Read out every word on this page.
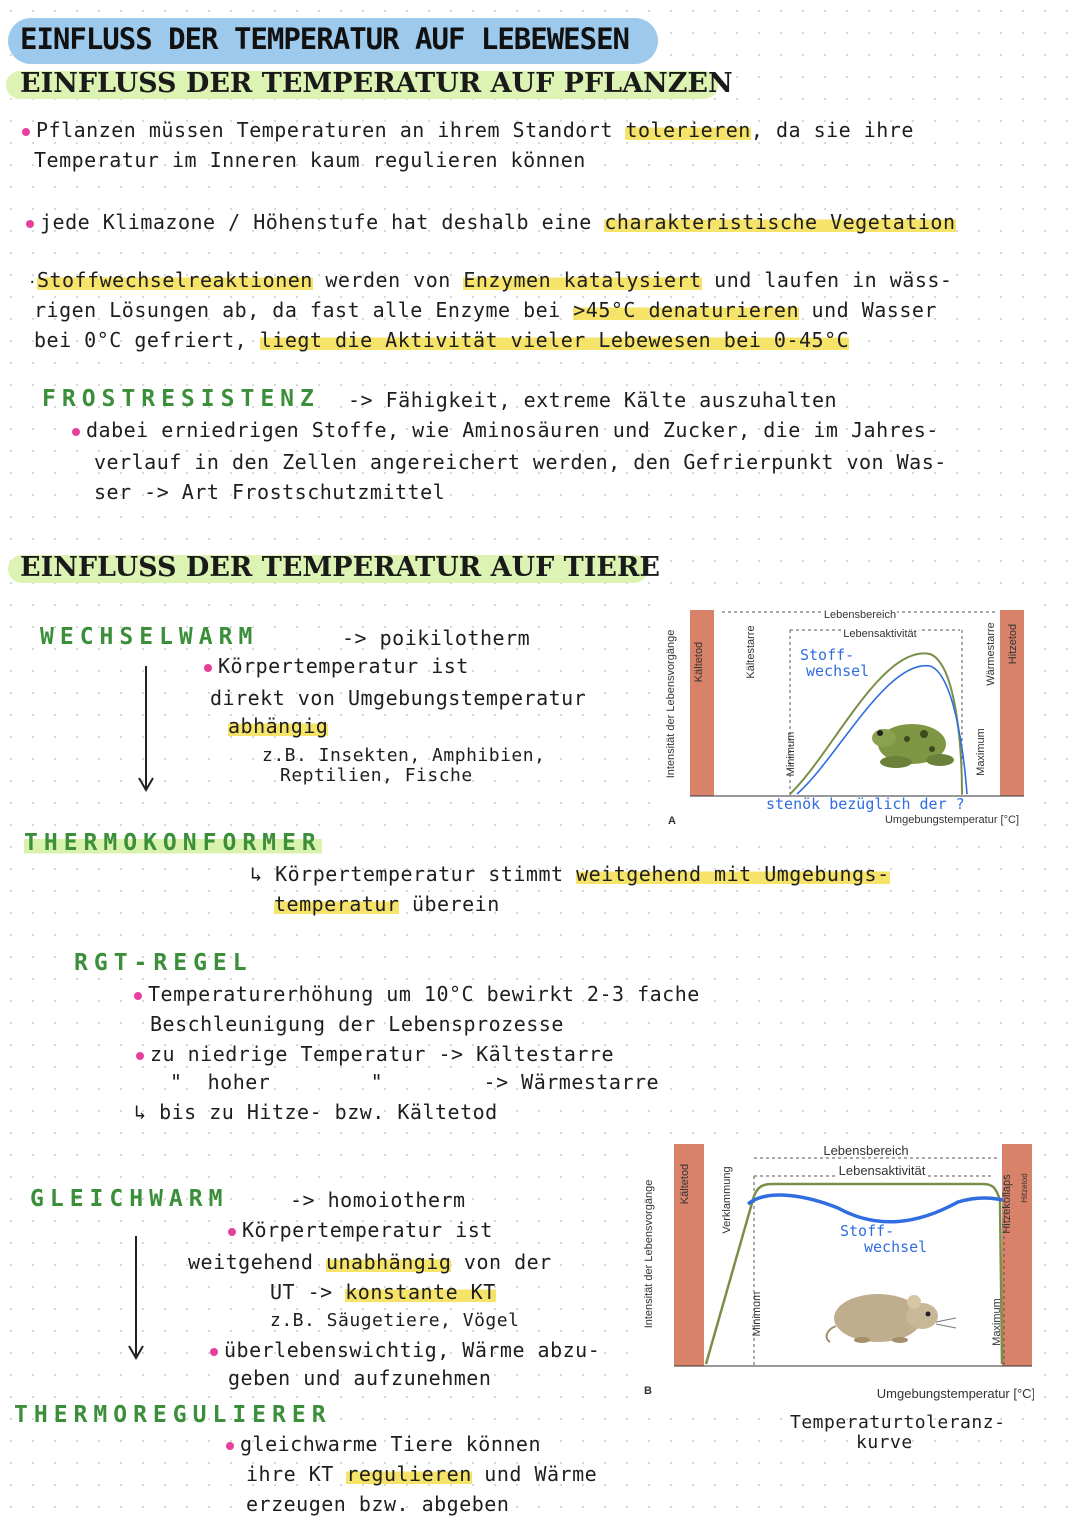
EINFLUSS DER TEMPERATUR AUF LEBEWESEN
EINFLUSS DER TEMPERATUR AUF PFLANZEN
Pflanzen müssen Temperaturen an ihrem Standort tolerieren, da sie ihre
Temperatur im Inneren kaum regulieren können
jede Klimazone / Höhenstufe hat deshalb eine charakteristische Vegetation
·Stoffwechselreaktionen werden von Enzymen katalysiert und laufen in wäss-
rigen Lösungen ab, da fast alle Enzyme bei >45°C denaturieren und Wasser
bei 0°C gefriert, liegt die Aktivität vieler Lebewesen bei 0-45°C
FROSTRESISTENZ -> Fähigkeit, extreme Kälte auszuhalten
dabei erniedrigen Stoffe, wie Aminosäuren und Zucker, die im Jahres-
verlauf in den Zellen angereichert werden, den Gefrierpunkt von Was-
ser -> Art Frostschutzmittel
EINFLUSS DER TEMPERATUR AUF TIERE
WECHSELWARM	-> poikilotherm
Körpertemperatur ist
direkt von Umgebungstemperatur
abhängig
z.B. Insekten, Amphibien,
Reptilien, Fische
Kältetod	Kältestarre
Minimum	Maximum
Wärmestarre Hitzetod
Lebensbereich
Lebensaktivität
Stoff-
wechsel
Intensität der Lebensvorgänge
stenök bezüglich der ?
Umgebungstemperatur [°C]
A
THERMOKONFORMER
↳ Körpertemperatur stimmt weitgehend mit Umgebungs-
temperatur überein
RGT-REGEL
Temperaturerhöhung um 10°C bewirkt 2-3 fache
Beschleunigung der Lebensprozesse
zu niedrige Temperatur -> Kältestarre
"  hoher        "        -> Wärmestarre
↳ bis zu Hitze- bzw. Kältetod
GLEICHWARM	-> homoiotherm
Körpertemperatur ist
weitgehend unabhängig von der
UT -> konstante KT
z.B. Säugetiere, Vögel
überlebenswichtig, Wärme abzu-
geben und aufzunehmen
THERMOREGULIERER
gleichwarme Tiere können
ihre KT regulieren und Wärme
erzeugen bzw. abgeben
Kältetod	Verklammung
Minimum	Maximum
Hitzekollaps Hitzetod
Lebensbereich
Lebensaktivität
Stoff-
wechsel
Intensität der Lebensvorgänge
Umgebungstemperatur [°C]
B
Temperaturtoleranz-
kurve
